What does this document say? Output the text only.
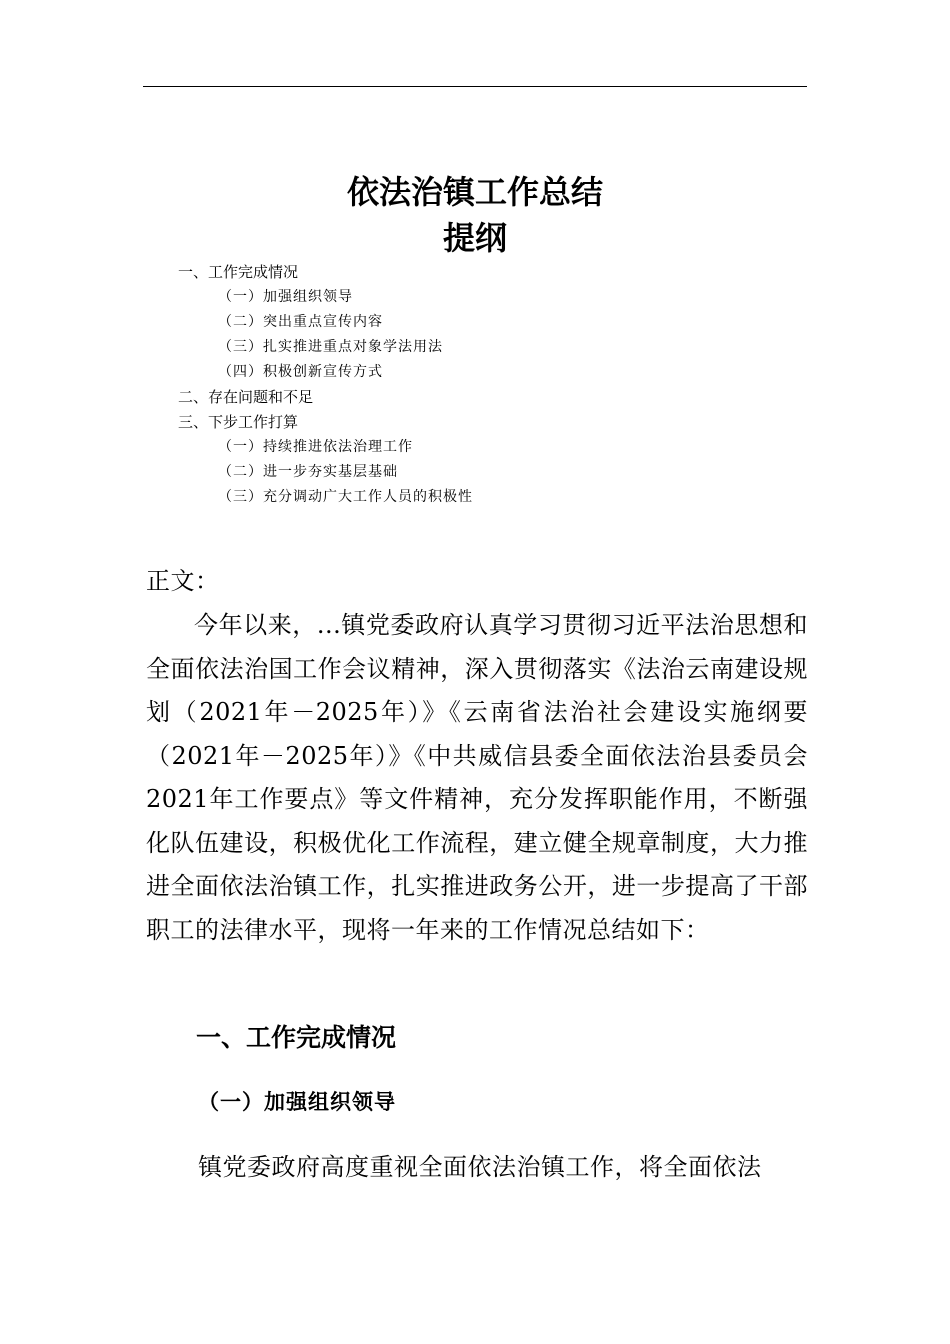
依法治镇工作总结
提纲
一、工作完成情况
（一）加强组织领导
（二）突出重点宣传内容
（三）扎实推进重点对象学法用法
（四）积极创新宣传方式
二、存在问题和不足
三、下步工作打算
（一）持续推进依法治理工作
（二）进一步夯实基层基础
（三）充分调动广大工作人员的积极性
正文：
今年以来，...镇党委政府认真学习贯彻习近平法治思想和全面依法治国工作会议精神，深入贯彻落实《法治云南建设规划（2021年－2025年）》《云南省法治社会建设实施纲要（2021年－2025年）》《中共威信县委全面依法治县委员会2021年工作要点》等文件精神，充分发挥职能作用，不断强化队伍建设，积极优化工作流程，建立健全规章制度，大力推进全面依法治镇工作，扎实推进政务公开，进一步提高了干部职工的法律水平，现将一年来的工作情况总结如下：
一、工作完成情况
（一）加强组织领导
镇党委政府高度重视全面依法治镇工作，将全面依法
